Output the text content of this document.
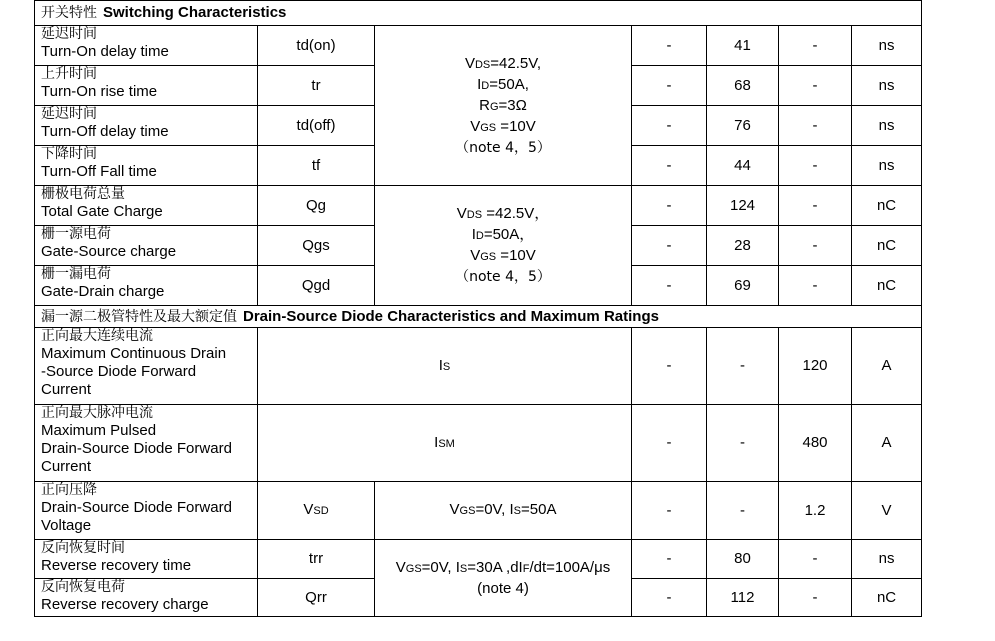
开关特性 Switching Characteristics						

延迟时间
Turn-On delay time	td(on)	VDS=42.5V,
ID=50A,
RG=3Ω
VGS =10V
（note 4，5）	-	41	-	ns

上升时间
Turn-On rise time	tr		-	68	-	ns

延迟时间
Turn-Off delay time	td(off)		-	76	-	ns

下降时间
Turn-Off Fall time	tf		-	44	-	ns

栅极电荷总量
Total Gate Charge	Qg	VDS =42.5V，
ID=50A，
VGS =10V
（note 4，5）	-	124	-	nC

栅一源电荷
Gate-Source charge	Qgs		-	28	-	nC

栅一漏电荷
Gate-Drain charge	Qgd		-	69	-	nC
漏一源二极管特性及最大额定值 Drain-Source Diode Characteristics and Maximum Ratings						

正向最大连续电流
Maximum Continuous Drain
-Source Diode Forward
Current	IS		-	-	120	A

正向最大脉冲电流
Maximum Pulsed
Drain-Source Diode Forward
Current	ISM		-	-	480	A

正向压降
Drain-Source Diode Forward
Voltage	VSD	VGS=0V, IS=50A	-	-	1.2	V

反向恢复时间
Reverse recovery time	trr	VGS=0V, IS=30A ,dIF/dt=100A/μs
(note 4)	-	80	-	ns

反向恢复电荷
Reverse recovery charge	Qrr		-	112	-	nC
